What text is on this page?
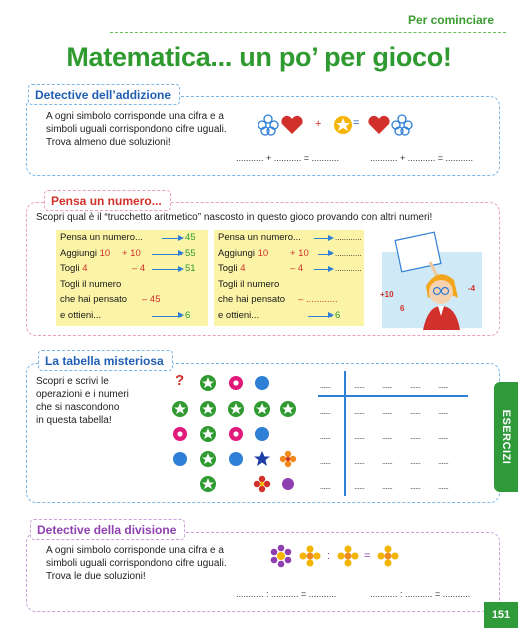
Per cominciare
Matematica... un po’ per gioco!
Detective dell’addizione
A ogni simbolo corrisponde una cifra e a
simboli uguali corrispondono cifre uguali.
Trova almeno due soluzioni!
+	=
........... + ........... = ...........	........... + ........... = ...........
Pensa un numero...
Scopri qual è il “trucchetto aritmetico” nascosto in questo gioco provando con altri numeri!
Pensa un numero...	45
Aggiungi 10 + 10	55
Togli 4	– 4	51
Togli il numero
che hai pensato – 45
e ottieni...	6
Pensa un numero...	............
Aggiungi 10 + 10	............
Togli 4	– 4	............
Togli il numero
che hai pensato – ............
e ottieni...	6
+10
6
-4
La tabella misteriosa
Scopri e scrivi le
operazioni e i numeri
che si nascondono
in questa tabella!
?	......	...... ...... ...... ......
......	...... ...... ...... ......
......	...... ...... ...... ......
......	...... ...... ...... ......
......	...... ...... ...... ......
ESERCIZI
Detective della divisione
A ogni simbolo corrisponde una cifra e a
simboli uguali corrispondono cifre uguali.
Trova le due soluzioni!
:	=
........... : ........... = ...........	........... : ........... = ...........
151
